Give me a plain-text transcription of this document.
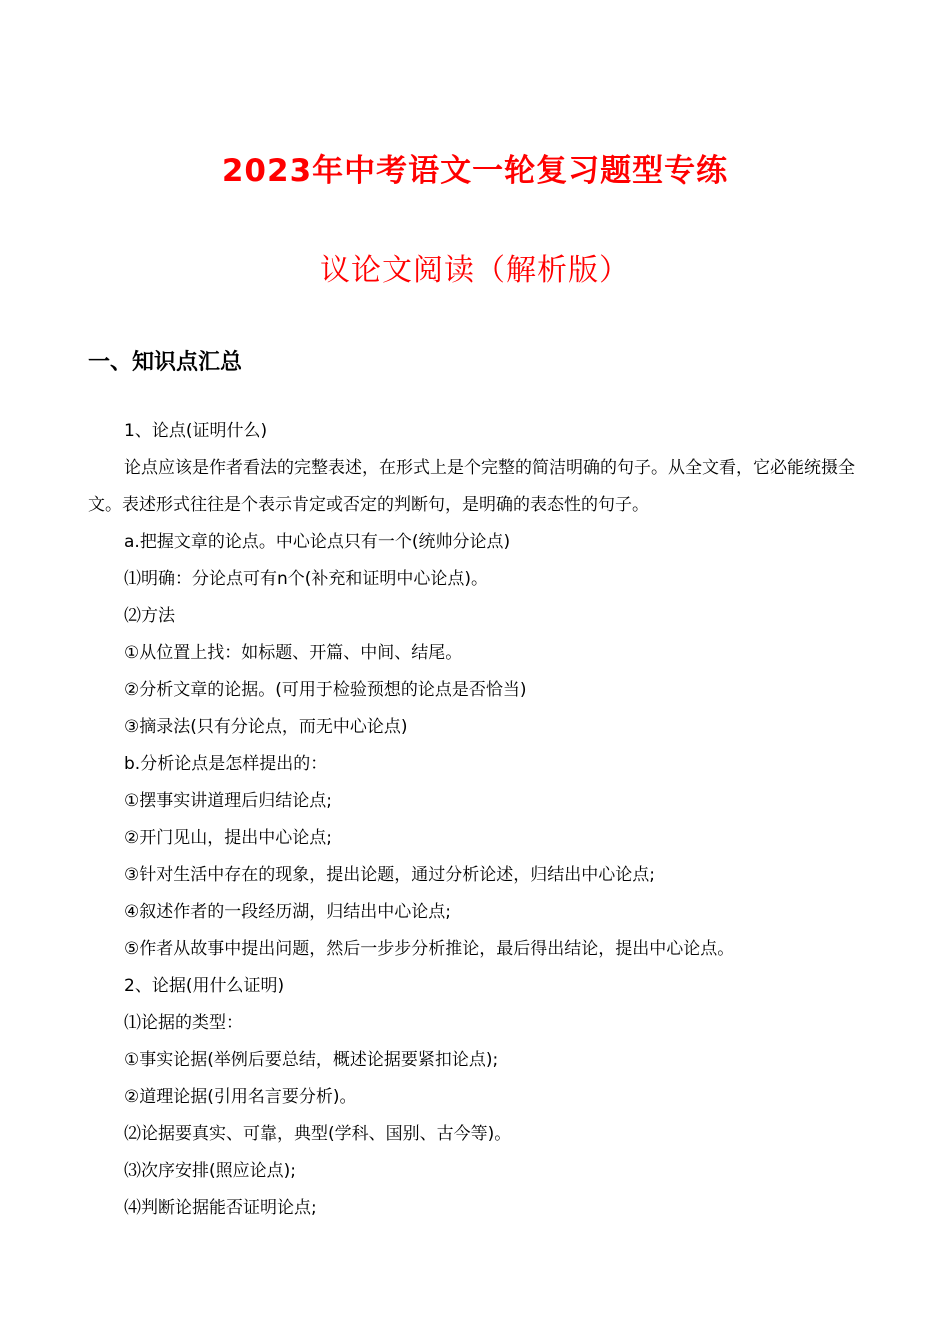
2023年中考语文一轮复习题型专练
议论文阅读（解析版）
一、知识点汇总

1、论点(证明什么)

论点应该是作者看法的完整表述，在形式上是个完整的简洁明确的句子。从全文看，它必能统摄全文。表述形式往往是个表示肯定或否定的判断句，是明确的表态性的句子。

a.把握文章的论点。中心论点只有一个(统帅分论点)

⑴明确：分论点可有n个(补充和证明中心论点)。

⑵方法

①从位置上找：如标题、开篇、中间、结尾。

②分析文章的论据。(可用于检验预想的论点是否恰当)

③摘录法(只有分论点，而无中心论点)

b.分析论点是怎样提出的：

①摆事实讲道理后归结论点;

②开门见山，提出中心论点;

③针对生活中存在的现象，提出论题，通过分析论述，归结出中心论点;

④叙述作者的一段经历湖，归结出中心论点;

⑤作者从故事中提出问题，然后一步步分析推论，最后得出结论，提出中心论点。

2、论据(用什么证明)

⑴论据的类型：

①事实论据(举例后要总结，概述论据要紧扣论点);

②道理论据(引用名言要分析)。

⑵论据要真实、可靠，典型(学科、国别、古今等)。

⑶次序安排(照应论点);

⑷判断论据能否证明论点;
